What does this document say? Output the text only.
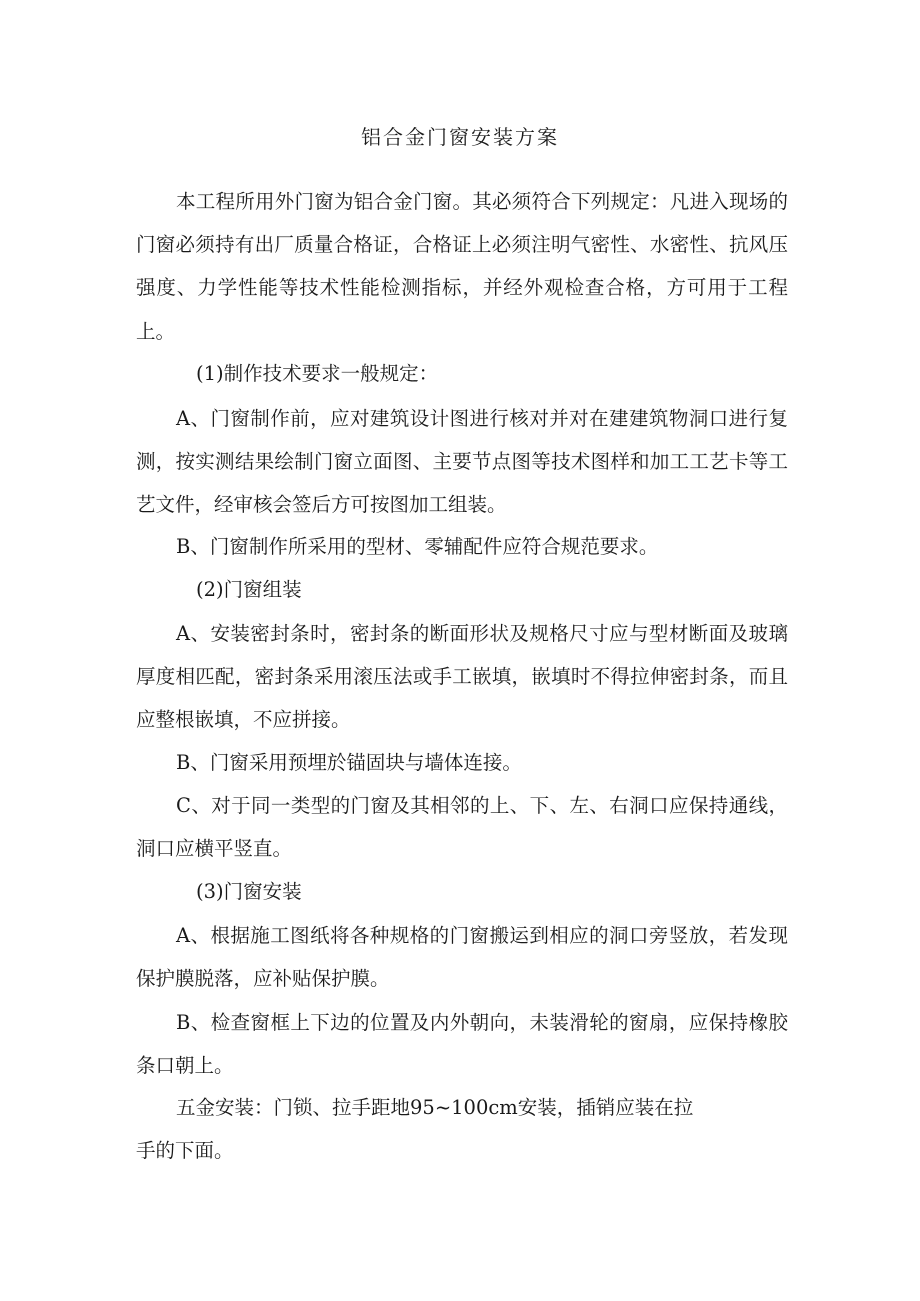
铝合金门窗安装方案

本工程所用外门窗为铝合金门窗。其必须符合下列规定：凡进入现场的门窗必须持有出厂质量合格证，合格证上必须注明气密性、水密性、抗风压强度、力学性能等技术性能检测指标，并经外观检查合格，方可用于工程上。

(1)制作技术要求一般规定：

A、门窗制作前，应对建筑设计图进行核对并对在建建筑物洞口进行复测，按实测结果绘制门窗立面图、主要节点图等技术图样和加工工艺卡等工艺文件，经审核会签后方可按图加工组装。

B、门窗制作所采用的型材、零辅配件应符合规范要求。

(2)门窗组装

A、安装密封条时，密封条的断面形状及规格尺寸应与型材断面及玻璃厚度相匹配，密封条采用滚压法或手工嵌填，嵌填时不得拉伸密封条，而且应整根嵌填，不应拼接。

B、门窗采用预埋於锚固块与墙体连接。

C、对于同一类型的门窗及其相邻的上、下、左、右洞口应保持通线，洞口应横平竖直。

(3)门窗安装

A、根据施工图纸将各种规格的门窗搬运到相应的洞口旁竖放，若发现保护膜脱落，应补贴保护膜。

B、检查窗框上下边的位置及内外朝向，未装滑轮的窗扇，应保持橡胶条口朝上。

五金安装：门锁、拉手距地95~100cm安装，插销应装在拉

手的下面。
